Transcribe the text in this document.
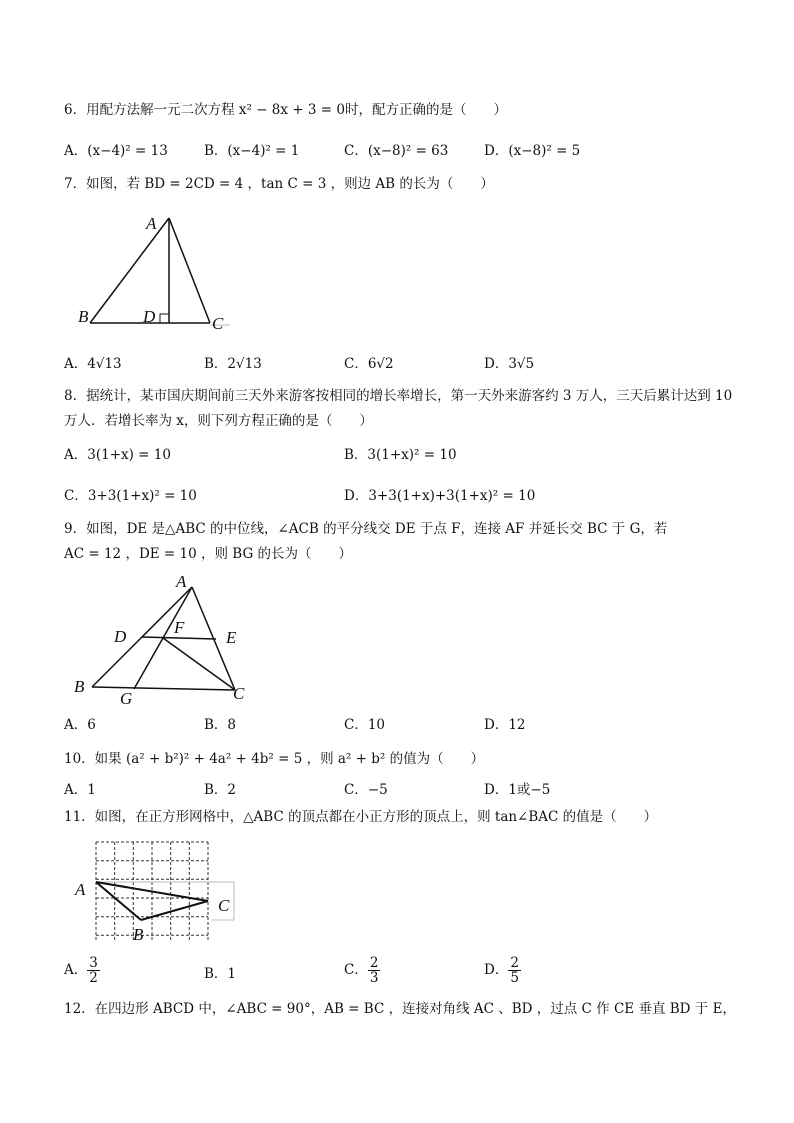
6．用配方法解一元二次方程 x² − 8x + 3 = 0时，配方正确的是（　　）
A．(x−4)² = 13	B．(x−4)² = 1	C．(x−8)² = 63	D．(x−8)² = 5
7．如图，若 BD = 2CD = 4 ，tan C = 3 ，则边 AB 的长为（　　）
A
B	D	C
A．4√13	B．2√13	C．6√2	D．3√5
8．据统计，某市国庆期间前三天外来游客按相同的增长率增长，第一天外来游客约 3 万人，三天后累计达到 10
万人．若增长率为 x，则下列方程正确的是（　　）
A．3(1+x) = 10	B．3(1+x)² = 10
C．3+3(1+x)² = 10	D．3+3(1+x)+3(1+x)² = 10
9．如图，DE 是△ABC 的中位线，∠ACB 的平分线交 DE 于点 F，连接 AF 并延长交 BC 于 G，若
AC = 12 ，DE = 10 ，则 BG 的长为（　　）
A
D	F
E
B
G	C
A．6	B．8	C．10	D．12
10．如果 (a² + b²)² + 4a² + 4b² = 5 ，则 a² + b² 的值为（　　）
A．1	B．2	C．−5	D．1或−5
11．如图，在正方形网格中，△ABC 的顶点都在小正方形的顶点上，则 tan∠BAC 的值是（　　）
A
B
C
A． $\frac{3}{2}$	B．1	C． $\frac{2}{3}$	D． $\frac{2}{5}$
12．在四边形 ABCD 中，∠ABC = 90°，AB = BC ，连接对角线 AC 、BD ，过点 C 作 CE 垂直 BD 于 E，
